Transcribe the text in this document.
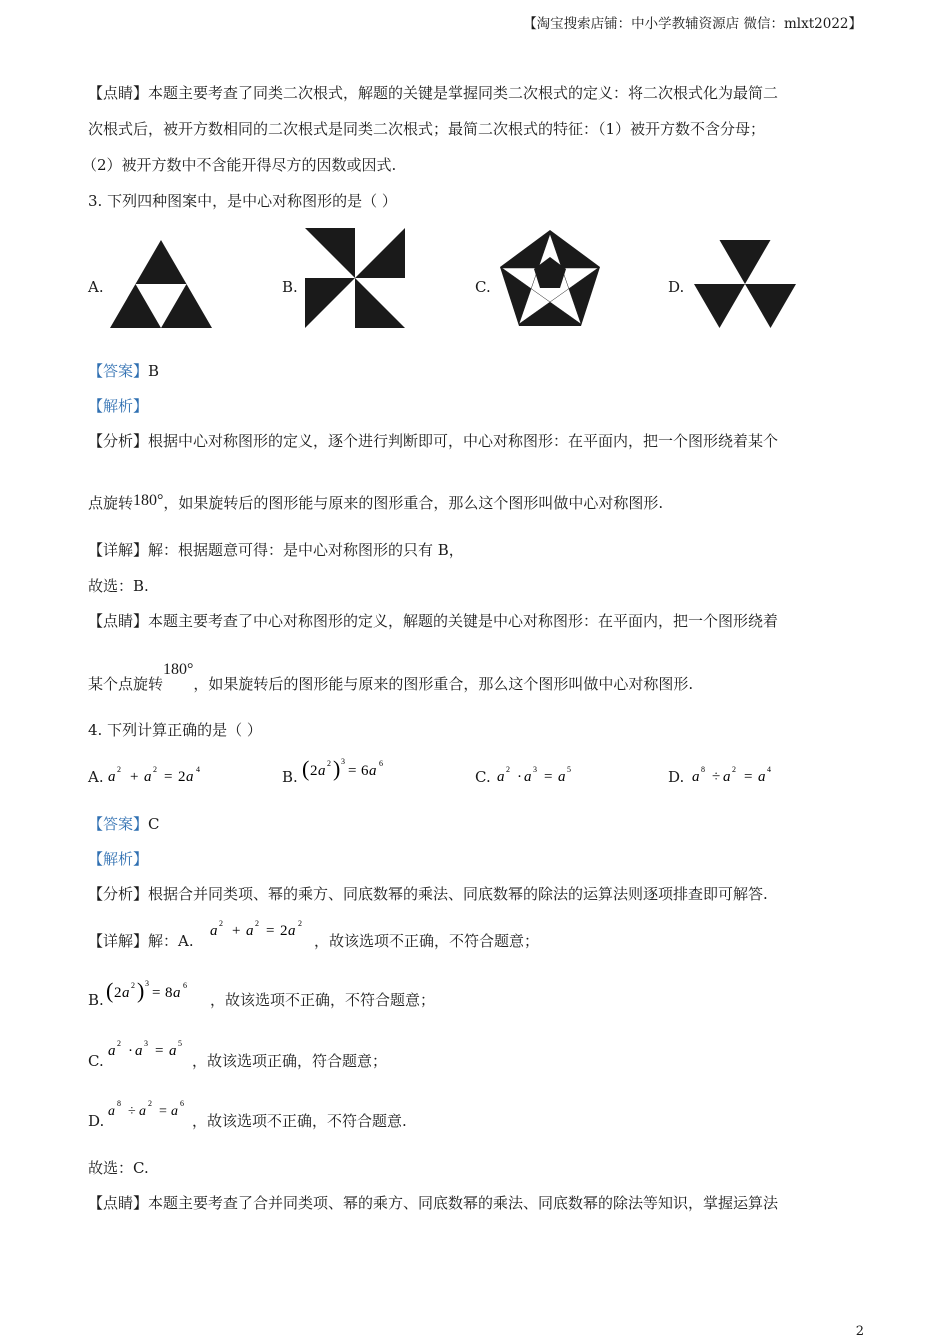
【淘宝搜索店铺：中小学教辅资源店 微信：mlxt2022】
【点睛】本题主要考查了同类二次根式，解题的关键是掌握同类二次根式的定义：将二次根式化为最简二
次根式后，被开方数相同的二次根式是同类二次根式；最简二次根式的特征：（1）被开方数不含分母；
（2）被开方数中不含能开得尽方的因数或因式.
3. 下列四种图案中，是中心对称图形的是（ ）
A.	B.	C.	D.
【答案】B
【解析】
【分析】根据中心对称图形的定义，逐个进行判断即可，中心对称图形：在平面内，把一个图形绕着某个
点旋转180°，如果旋转后的图形能与原来的图形重合，那么这个图形叫做中心对称图形.
【详解】解：根据题意可得：是中心对称图形的只有 B，
故选：B.
【点睛】本题主要考查了中心对称图形的定义，解题的关键是中心对称图形：在平面内，把一个图形绕着
某个点旋转180°，如果旋转后的图形能与原来的图形重合，那么这个图形叫做中心对称图形.
4. 下列计算正确的是（ ）
A. a 2 + a 2 = 2 a 4	B. ( 2 a 2 ) 3
= 6 a 6
C. a 2 · a 3 = a 5	D. a 8 ÷ a 2 = a 4
【答案】C
【解析】
【分析】根据合并同类项、幂的乘方、同底数幂的乘法、同底数幂的除法的运算法则逐项排查即可解答.
【详解】解：A.
a 2 + a 2 = 2 a 2
，故该选项不正确，不符合题意；
B. ( 2 a 2 ) 3
= 8 a 6
，故该选项不正确，不符合题意；
C.
a 2 · a 3 = a 5
，故该选项正确，符合题意；
D.
a
8
÷ a
2
= a
6
，故该选项不正确，不符合题意.
故选：C.
【点睛】本题主要考查了合并同类项、幂的乘方、同底数幂的乘法、同底数幂的除法等知识，掌握运算法
2
